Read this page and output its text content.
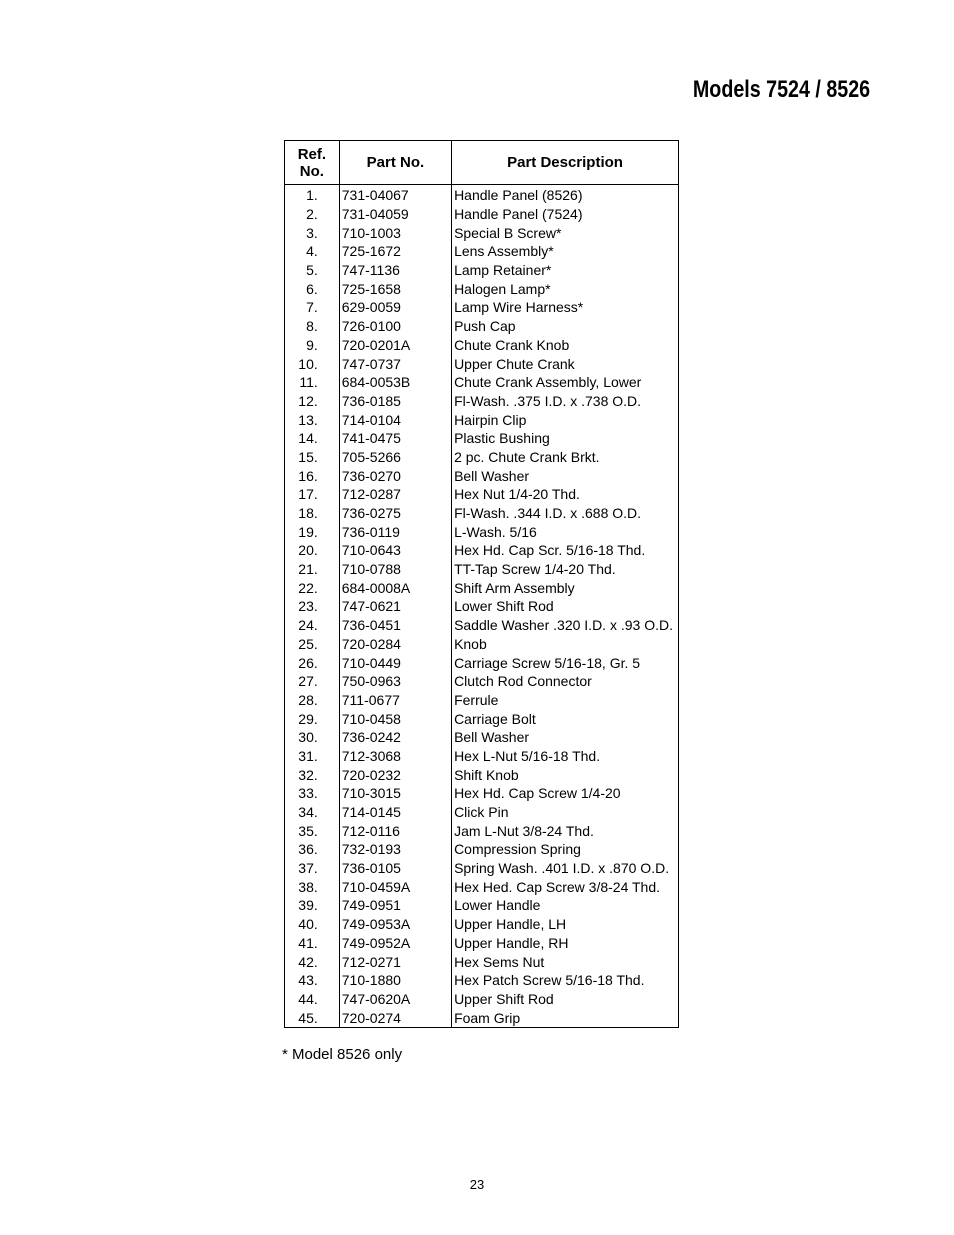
Models 7524 / 8526
Ref.
No.	Part No.	Part Description
1.	731-04067	Handle Panel (8526)
2.	731-04059	Handle Panel (7524)
3.	710-1003	Special B Screw*
4.	725-1672	Lens Assembly*
5.	747-1136	Lamp Retainer*
6.	725-1658	Halogen Lamp*
7.	629-0059	Lamp Wire Harness*
8.	726-0100	Push Cap
9.	720-0201A	Chute Crank Knob
10.	747-0737	Upper Chute Crank
11.	684-0053B	Chute Crank Assembly, Lower
12.	736-0185	Fl-Wash. .375 I.D. x .738 O.D.
13.	714-0104	Hairpin Clip
14.	741-0475	Plastic Bushing
15.	705-5266	2 pc. Chute Crank Brkt.
16.	736-0270	Bell Washer
17.	712-0287	Hex Nut 1/4-20 Thd.
18.	736-0275	Fl-Wash. .344 I.D. x .688 O.D.
19.	736-0119	L-Wash. 5/16
20.	710-0643	Hex Hd. Cap Scr. 5/16-18 Thd.
21.	710-0788	TT-Tap Screw 1/4-20 Thd.
22.	684-0008A	Shift Arm Assembly
23.	747-0621	Lower Shift Rod
24.	736-0451	Saddle Washer .320 I.D. x .93 O.D.
25.	720-0284	Knob
26.	710-0449	Carriage Screw 5/16-18, Gr. 5
27.	750-0963	Clutch Rod Connector
28.	711-0677	Ferrule
29.	710-0458	Carriage Bolt
30.	736-0242	Bell Washer
31.	712-3068	Hex L-Nut 5/16-18 Thd.
32.	720-0232	Shift Knob
33.	710-3015	Hex Hd. Cap Screw 1/4-20
34.	714-0145	Click Pin
35.	712-0116	Jam L-Nut 3/8-24 Thd.
36.	732-0193	Compression Spring
37.	736-0105	Spring Wash. .401 I.D. x .870 O.D.
38.	710-0459A	Hex Hed. Cap Screw 3/8-24 Thd.
39.	749-0951	Lower Handle
40.	749-0953A	Upper Handle, LH
41.	749-0952A	Upper Handle, RH
42.	712-0271	Hex Sems Nut
43.	710-1880	Hex Patch Screw 5/16-18 Thd.
44.	747-0620A	Upper Shift Rod
45.	720-0274	Foam Grip
* Model 8526 only
23
